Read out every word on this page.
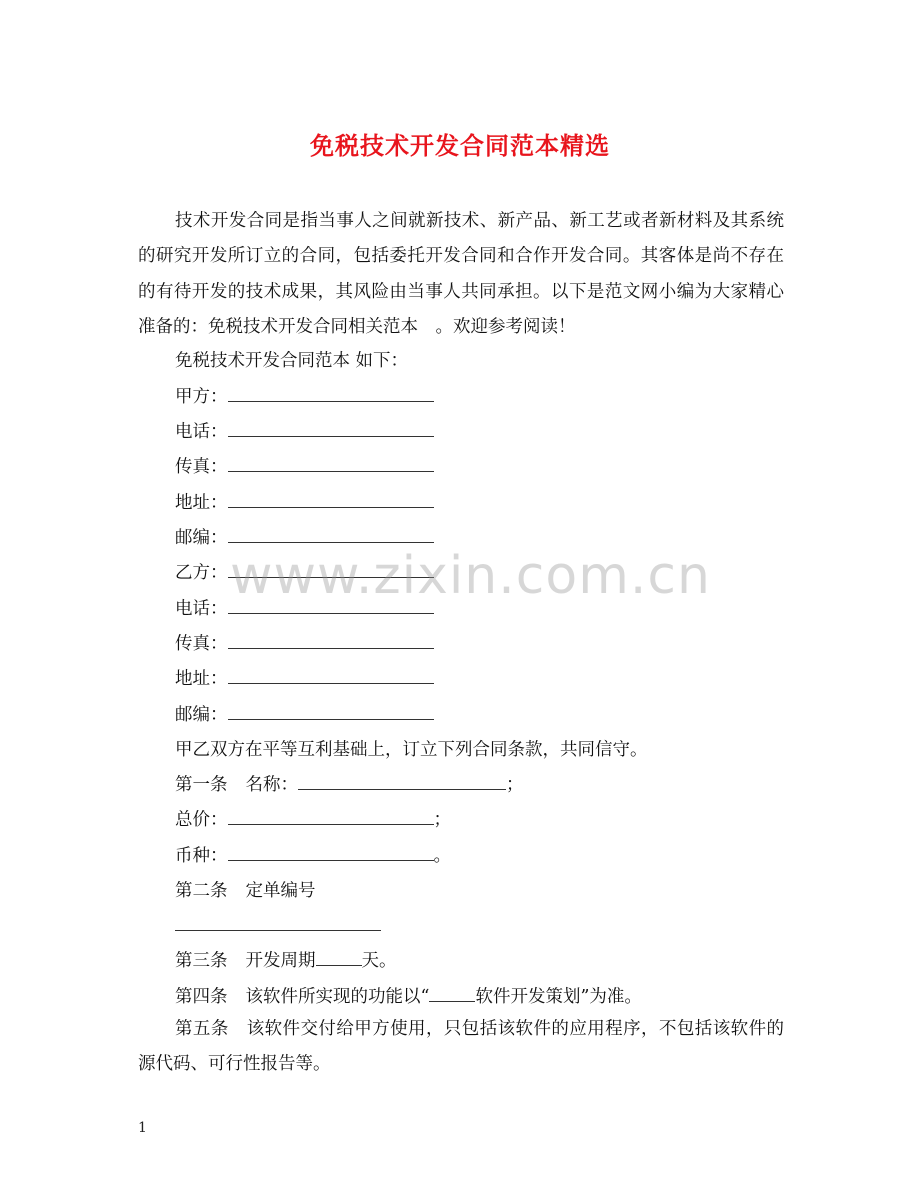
免税技术开发合同范本精选

技术开发合同是指当事人之间就新技术、新产品、新工艺或者新材料及其系统的研究开发所订立的合同，包括委托开发合同和合作开发合同。其客体是尚不存在的有待开发的技术成果，其风险由当事人共同承担。以下是范文网小编为大家精心准备的：免税技术开发合同相关范本　。欢迎参考阅读！

免税技术开发合同范本 如下：
甲方：
电话：
传真：
地址：
邮编：
乙方：
电话：
传真：
地址：
邮编：
甲乙双方在平等互利基础上，订立下列合同条款，共同信守。
第一条 名称：	；
总价：	；
币种：	。
第二条 定单编号
第三条 开发周期	天。
第四条 该软件所实现的功能以“	软件开发策划”为准。

第五条　该软件交付给甲方使用，只包括该软件的应用程序，不包括该软件的源代码、可行性报告等。

www.zixin.com.cn
1
